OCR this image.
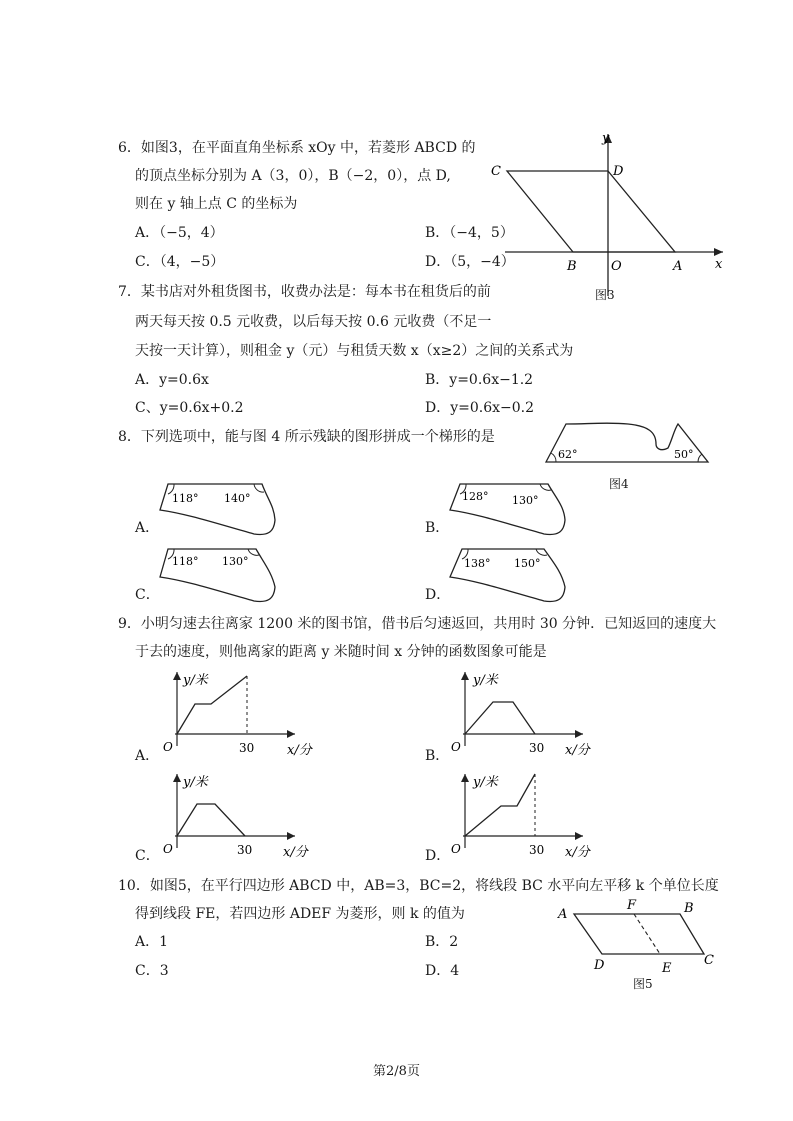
6．如图3，在平面直角坐标系 xOy 中，若菱形 ABCD 的
的顶点坐标分别为 A（3，0），B（−2，0），点 D,
则在 y 轴上点 C 的坐标为
A．（−5，4）	B．（−4，5）
C．（4，−5）	D．（5，−4）
y
C	D
B	O	A	x
图3
7．某书店对外租货图书，收费办法是：每本书在租货后的前
两天每天按 0.5 元收费，以后每天按 0.6 元收费（不足一
天按一天计算），则租金 y（元）与租赁天数 x（x≥2）之间的关系式为
A．y=0.6x	B．y=0.6x−1.2
C、y=0.6x+0.2	D．y=0.6x−0.2
8．下列选项中，能与图 4 所示残缺的图形拼成一个梯形的是
62°	50°
图4
A．
118° 140°
B．
128° 130°
C．
118° 130°
D．
138° 150°
9．小明匀速去往离家 1200 米的图书馆，借书后匀速返回，共用时 30 分钟．已知返回的速度大
于去的速度，则他离家的距离 y 米随时间 x 分钟的函数图象可能是
A．
y/米
O	30	x/分	B．
y/米
O	30 x/分
C．
y/米
O	30 x/分	D．
y/米
O	30 x/分
10．如图5，在平行四边形 ABCD 中，AB=3，BC=2，将线段 BC 水平向左平移 k 个单位长度
得到线段 FE，若四边形 ADEF 为菱形，则 k 的值为
A．1	B．2
C．3	D．4
A
F	B
D	E
C
图5
第2/8页
